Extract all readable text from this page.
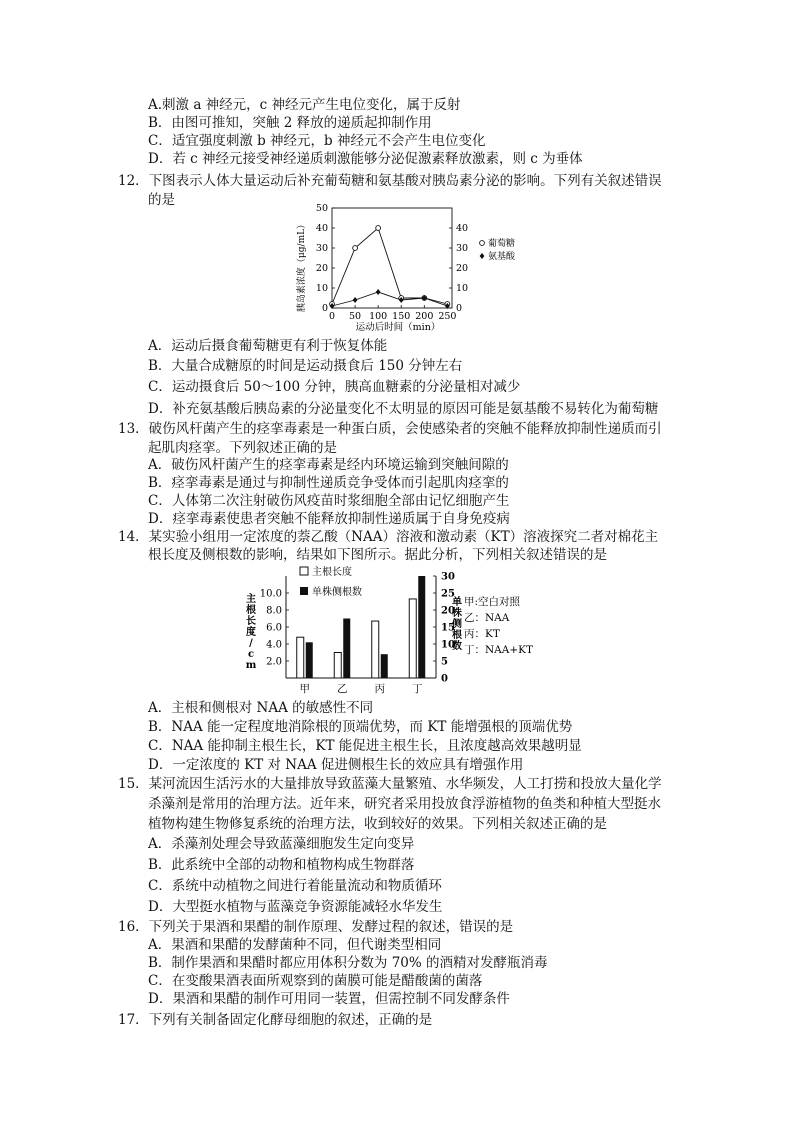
A.刺激 a 神经元，c 神经元产生电位变化，属于反射
B．由图可推知，突触 2 释放的递质起抑制作用
C．适宜强度刺激 b 神经元，b 神经元不会产生电位变化
D．若 c 神经元接受神经递质刺激能够分泌促激素释放激素，则 c 为垂体
12．下图表示人体大量运动后补充葡萄糖和氨基酸对胰岛素分泌的影响。下列有关叙述错误
的是
A．运动后摄食葡萄糖更有利于恢复体能
B．大量合成糖原的时间是运动摄食后 150 分钟左右
C．运动摄食后 50～100 分钟，胰高血糖素的分泌量相对减少
D．补充氨基酸后胰岛素的分泌量变化不太明显的原因可能是氨基酸不易转化为葡萄糖
13．破伤风杆菌产生的痉挛毒素是一种蛋白质，会使感染者的突触不能释放抑制性递质而引
起肌肉痉挛。下列叙述正确的是
A．破伤风杆菌产生的痉挛毒素是经内环境运输到突触间隙的
B．痉挛毒素是通过与抑制性递质竞争受体而引起肌肉痉挛的
C．人体第二次注射破伤风疫苗时浆细胞全部由记忆细胞产生
D．痉挛毒素使患者突触不能释放抑制性递质属于自身免疫病
14．某实验小组用一定浓度的萘乙酸（NAA）溶液和激动素（KT）溶液探究二者对棉花主
根长度及侧根数的影响，结果如下图所示。据此分析，下列相关叙述错误的是
A．主根和侧根对 NAA 的敏感性不同
B．NAA 能一定程度地消除根的顶端优势，而 KT 能增强根的顶端优势
C．NAA 能抑制主根生长，KT 能促进主根生长，且浓度越高效果越明显
D．一定浓度的 KT 对 NAA 促进侧根生长的效应具有增强作用
15．某河流因生活污水的大量排放导致蓝藻大量繁殖、水华频发，人工打捞和投放大量化学
杀藻剂是常用的治理方法。近年来，研究者采用投放食浮游植物的鱼类和种植大型挺水
植物构建生物修复系统的治理方法，收到较好的效果。下列相关叙述正确的是
A．杀藻剂处理会导致蓝藻细胞发生定向变异
B．此系统中全部的动物和植物构成生物群落
C．系统中动植物之间进行着能量流动和物质循环
D．大型挺水植物与蓝藻竞争资源能减轻水华发生
16．下列关于果酒和果醋的制作原理、发酵过程的叙述，错误的是
A．果酒和果醋的发酵菌种不同，但代谢类型相同
B．制作果酒和果醋时都应用体积分数为 70% 的酒精对发酵瓶消毒
C．在变酸果酒表面所观察到的菌膜可能是醋酸菌的菌落
D．果酒和果醋的制作可用同一装置，但需控制不同发酵条件
17．下列有关制备固定化酵母细胞的叙述，正确的是
0
10
20
30
40
50
0
10
20
30
40
0 50 100 150 200 250
胰岛素浓度（μg/mL）
运动后时间（min）
葡萄糖
氨基酸
2.0
4.0
6.0
8.0
10.0
0
5
10
15
20
25
30
甲	乙	丙	丁
主根长度
单株侧根数
主
根
长
度
/
c
m
单
株
侧
根
数
甲:空白对照
乙：NAA
丙：KT
丁：NAA+KT
